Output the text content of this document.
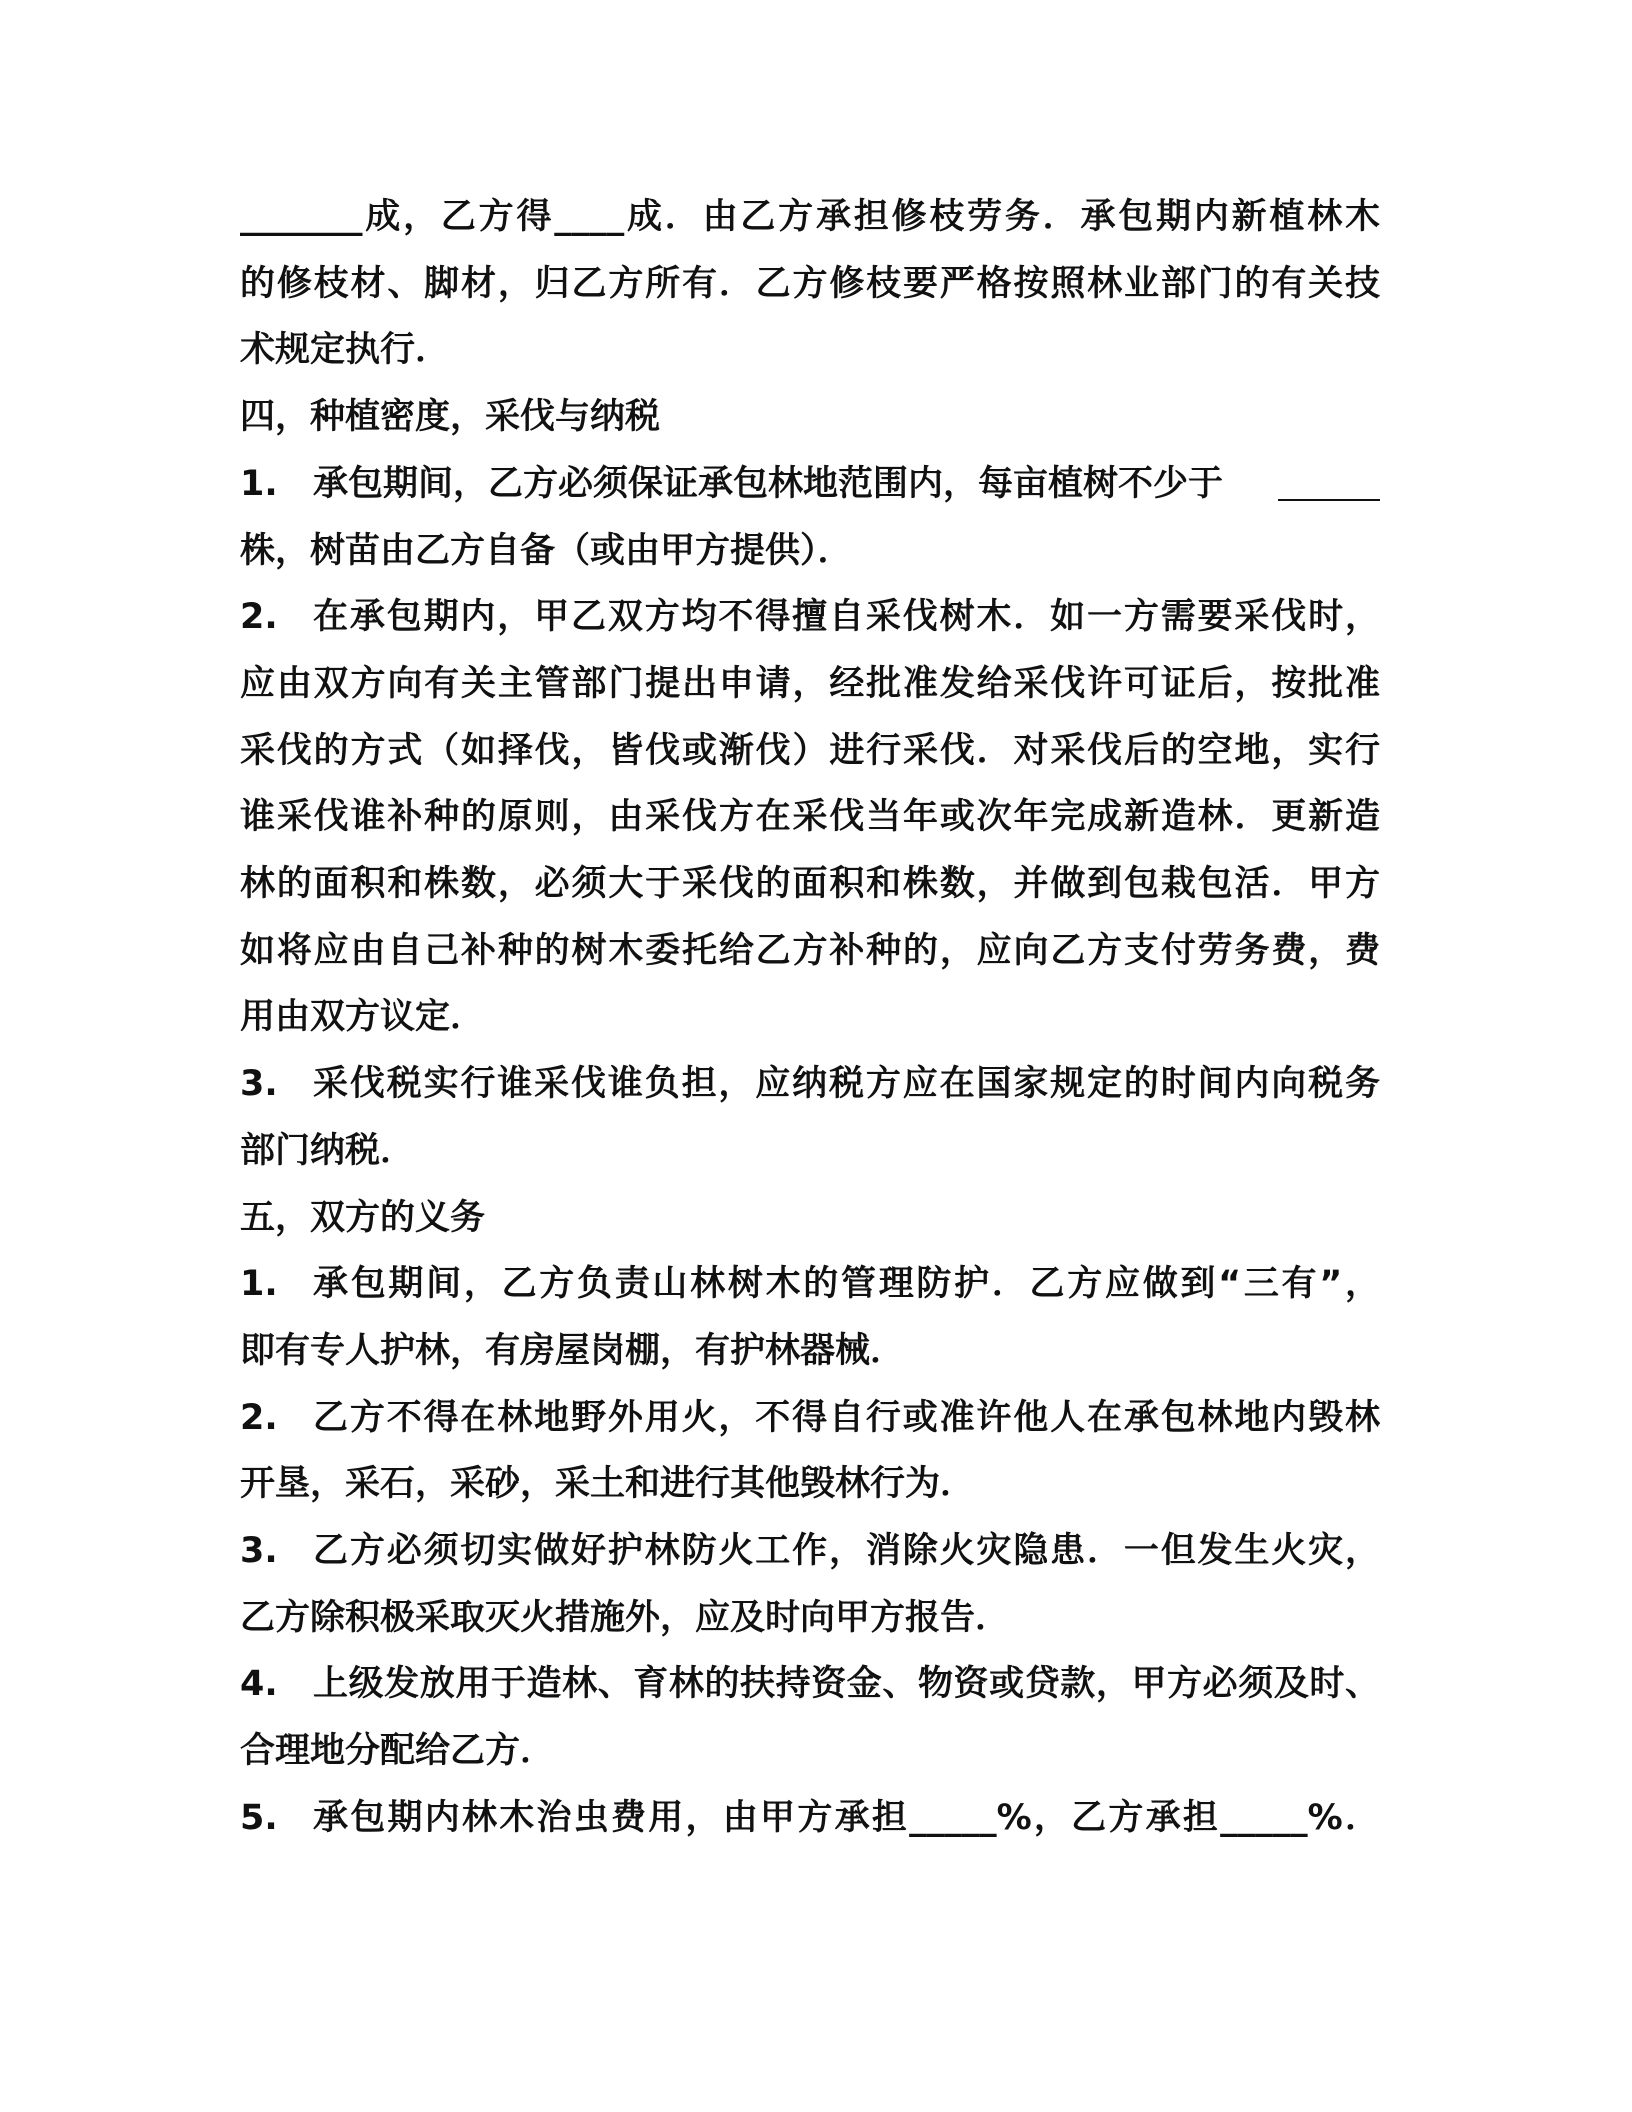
_______成，乙方得____成．由乙方承担修枝劳务．承包期内新植林木
的修枝材、脚材，归乙方所有．乙方修枝要严格按照林业部门的有关技
术规定执行．
四，种植密度，采伐与纳税
1.	承包期间，乙方必须保证承包林地范围内，每亩植树不少于
株，树苗由乙方自备（或由甲方提供）．
2.	在承包期内，甲乙双方均不得擅自采伐树木．如一方需要采伐时，
应由双方向有关主管部门提出申请，经批准发给采伐许可证后，按批准
采伐的方式（如择伐，皆伐或渐伐）进行采伐．对采伐后的空地，实行
谁采伐谁补种的原则，由采伐方在采伐当年或次年完成新造林．更新造
林的面积和株数，必须大于采伐的面积和株数，并做到包栽包活．甲方
如将应由自己补种的树木委托给乙方补种的，应向乙方支付劳务费，费
用由双方议定．
3.	采伐税实行谁采伐谁负担，应纳税方应在国家规定的时间内向税务
部门纳税．
五，双方的义务
1.	承包期间，乙方负责山林树木的管理防护．乙方应做到“三有”，
即有专人护林，有房屋岗棚，有护林器械．
2.	乙方不得在林地野外用火，不得自行或准许他人在承包林地内毁林
开垦，采石，采砂，采土和进行其他毁林行为．
3.	乙方必须切实做好护林防火工作，消除火灾隐患．一但发生火灾，
乙方除积极采取灭火措施外，应及时向甲方报告．
4.	上级发放用于造林、育林的扶持资金、物资或贷款，甲方必须及时、
合理地分配给乙方．
5.	承包期内林木治虫费用，由甲方承担_____%，乙方承担_____%．
